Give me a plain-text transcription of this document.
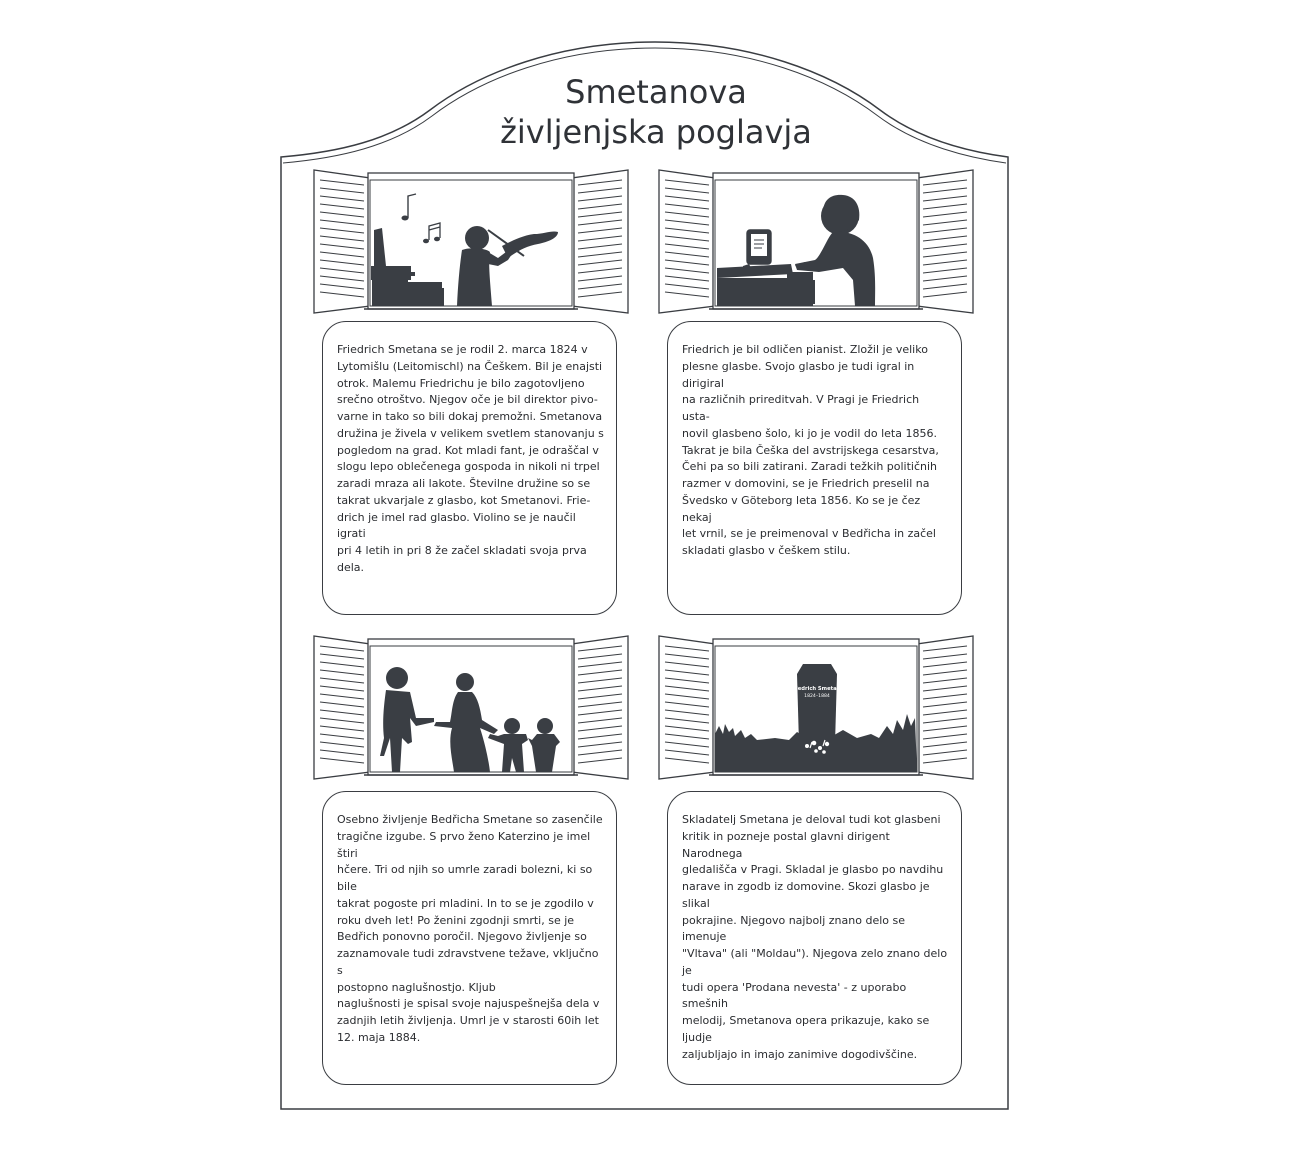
Smetanova
življenjska poglavja
Friedrich Smetana
1824–1884

Friedrich Smetana se je rodil 2. marca 1824 v
Lytomišlu (Leitomischl) na Češkem. Bil je enajsti
otrok. Malemu Friedrichu je bilo zagotovljeno
srečno otroštvo. Njegov oče je bil direktor pivo-
varne in tako so bili dokaj premožni. Smetanova
družina je živela v velikem svetlem stanovanju s
pogledom na grad. Kot mladi fant, je odraščal v
slogu lepo oblečenega gospoda in nikoli ni trpel
zaradi mraza ali lakote. Številne družine so se
takrat ukvarjale z glasbo, kot Smetanovi. Frie-
drich je imel rad glasbo. Violino se je naučil igrati
pri 4 letih in pri 8 že začel skladati svoja prva
dela.

Friedrich je bil odličen pianist. Zložil je veliko
plesne glasbe. Svojo glasbo je tudi igral in dirigiral
na različnih prireditvah. V Pragi je Friedrich usta-
novil glasbeno šolo, ki jo je vodil do leta 1856.
Takrat je bila Češka del avstrijskega cesarstva,
Čehi pa so bili zatirani. Zaradi težkih političnih
razmer v domovini, se je Friedrich preselil na
Švedsko v Göteborg leta 1856. Ko se je čez nekaj
let vrnil, se je preimenoval v Bedřicha in začel
skladati glasbo v češkem stilu.

Osebno življenje Bedřicha Smetane so zasenčile
tragične izgube. S prvo ženo Katerzino je imel štiri
hčere. Tri od njih so umrle zaradi bolezni, ki so bile
takrat pogoste pri mladini. In to se je zgodilo v
roku dveh let! Po ženini zgodnji smrti, se je
Bedřich ponovno poročil. Njegovo življenje so
zaznamovale tudi zdravstvene težave, vključno s
postopno naglušnostjo. Kljub
naglušnosti je spisal svoje najuspešnejša dela v
zadnjih letih življenja. Umrl je v starosti 60ih let
12. maja 1884.

Skladatelj Smetana je deloval tudi kot glasbeni
kritik in pozneje postal glavni dirigent Narodnega
gledališča v Pragi. Skladal je glasbo po navdihu
narave in zgodb iz domovine. Skozi glasbo je slikal
pokrajine. Njegovo najbolj znano delo se imenuje
"Vltava" (ali "Moldau"). Njegova zelo znano delo je
tudi opera 'Prodana nevesta' - z uporabo smešnih
melodij, Smetanova opera prikazuje, kako se ljudje
zaljubljajo in imajo zanimive dogodivščine.
